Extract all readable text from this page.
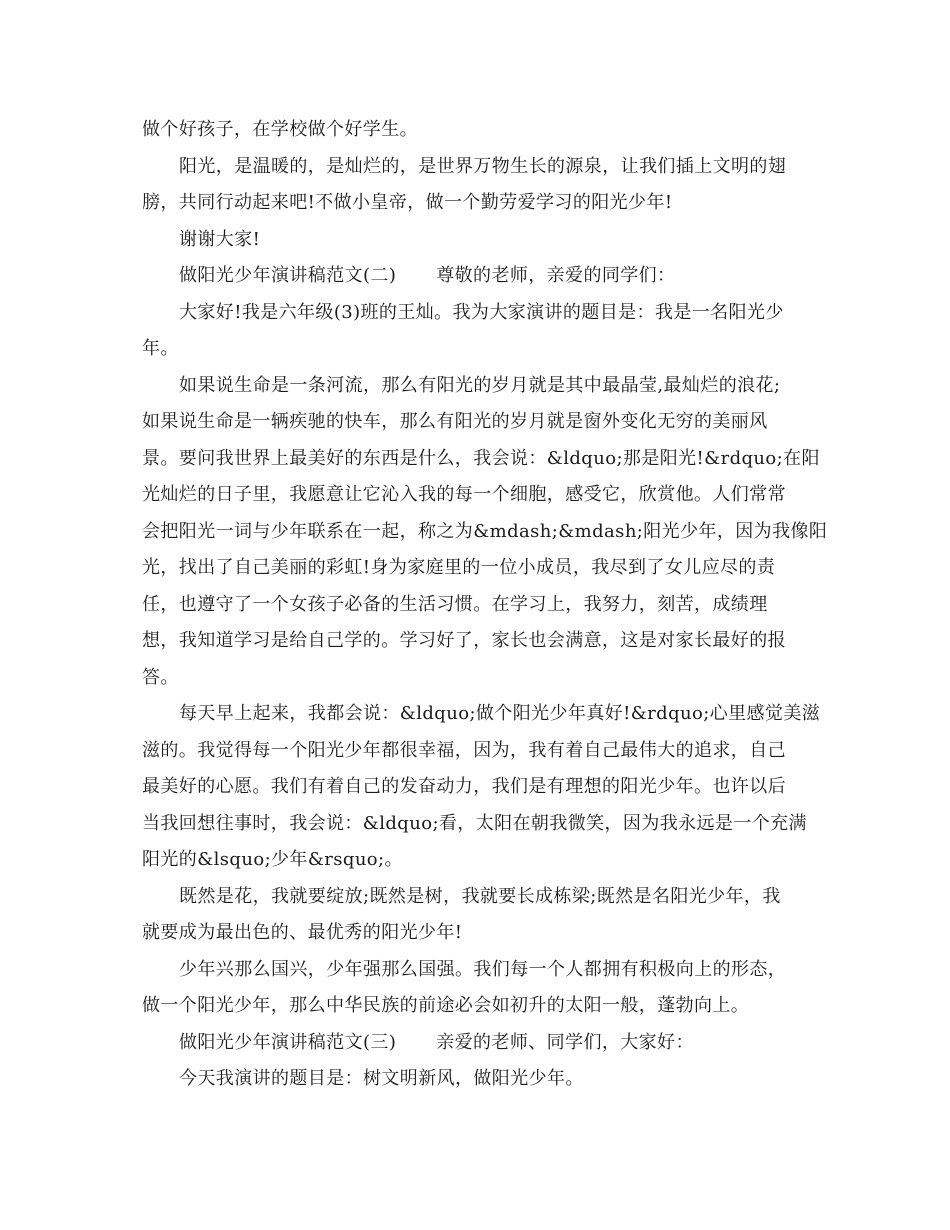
做个好孩子，在学校做个好学生。
阳光，是温暖的，是灿烂的，是世界万物生长的源泉，让我们插上文明的翅
膀，共同行动起来吧!不做小皇帝，做一个勤劳爱学习的阳光少年!
谢谢大家!
做阳光少年演讲稿范文(二) 尊敬的老师，亲爱的同学们：
大家好!我是六年级(3)班的王灿。我为大家演讲的题目是：我是一名阳光少
年。
如果说生命是一条河流，那么有阳光的岁月就是其中最晶莹,最灿烂的浪花;
如果说生命是一辆疾驰的快车，那么有阳光的岁月就是窗外变化无穷的美丽风
景。要问我世界上最美好的东西是什么，我会说：&ldquo;那是阳光!&rdquo;在阳
光灿烂的日子里，我愿意让它沁入我的每一个细胞，感受它，欣赏他。人们常常
会把阳光一词与少年联系在一起，称之为&mdash;&mdash;阳光少年，因为我像阳
光，找出了自己美丽的彩虹!身为家庭里的一位小成员，我尽到了女儿应尽的责
任，也遵守了一个女孩子必备的生活习惯。在学习上，我努力，刻苦，成绩理
想，我知道学习是给自己学的。学习好了，家长也会满意，这是对家长最好的报
答。
每天早上起来，我都会说：&ldquo;做个阳光少年真好!&rdquo;心里感觉美滋
滋的。我觉得每一个阳光少年都很幸福，因为，我有着自己最伟大的追求，自己
最美好的心愿。我们有着自己的发奋动力，我们是有理想的阳光少年。也许以后
当我回想往事时，我会说：&ldquo;看，太阳在朝我微笑，因为我永远是一个充满
阳光的&lsquo;少年&rsquo;。
既然是花，我就要绽放;既然是树，我就要长成栋梁;既然是名阳光少年，我
就要成为最出色的、最优秀的阳光少年!
少年兴那么国兴，少年强那么国强。我们每一个人都拥有积极向上的形态，
做一个阳光少年，那么中华民族的前途必会如初升的太阳一般，蓬勃向上。
做阳光少年演讲稿范文(三) 亲爱的老师、同学们，大家好：
今天我演讲的题目是：树文明新风，做阳光少年。
